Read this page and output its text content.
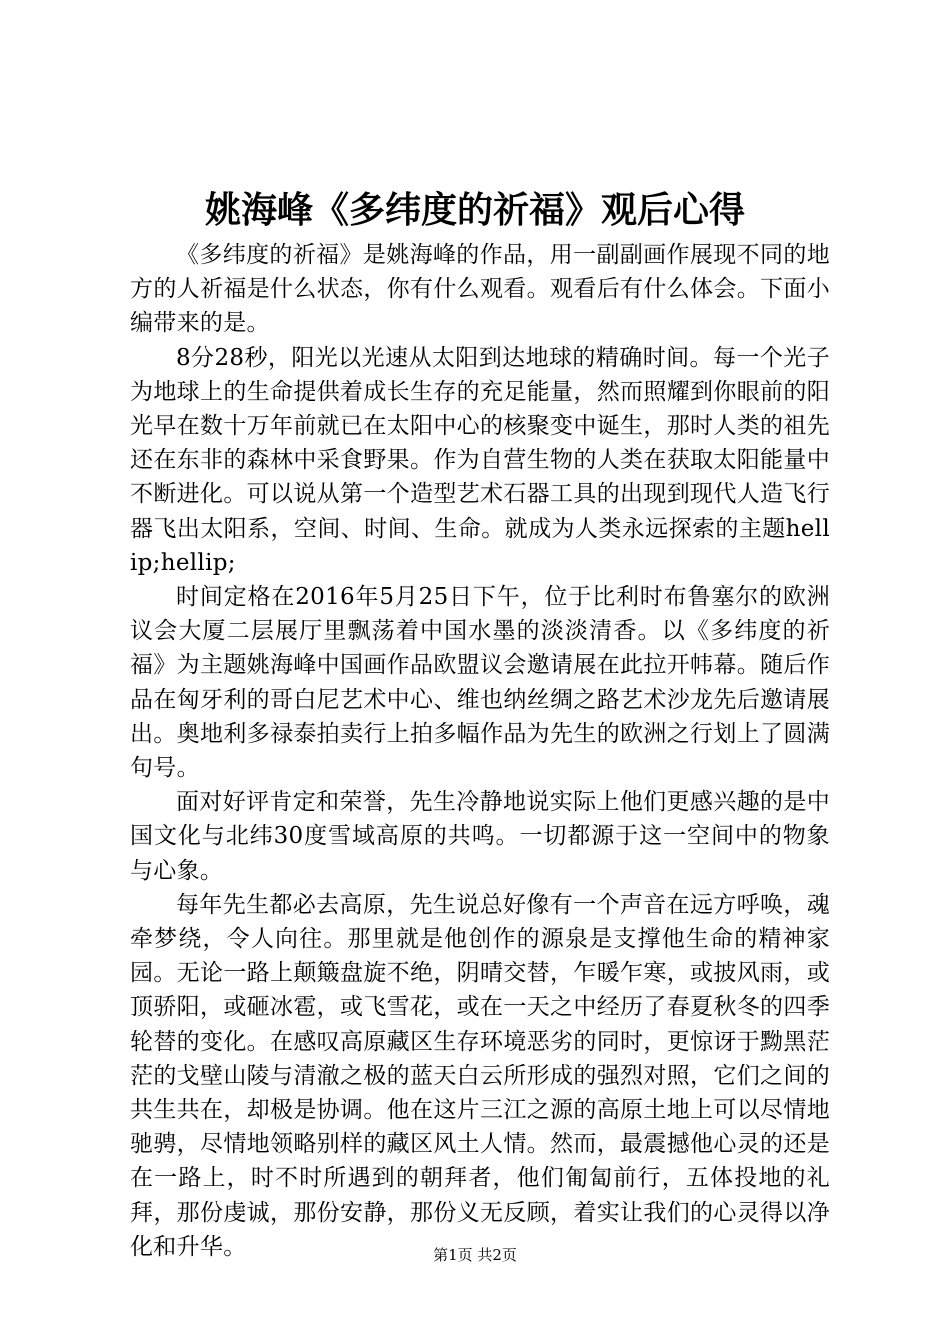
姚海峰《多纬度的祈福》观后心得

《多纬度的祈福》是姚海峰的作品，用一副副画作展现不同的地方的人祈福是什么状态，你有什么观看。观看后有什么体会。下面小编带来的是。

8分28秒，阳光以光速从太阳到达地球的精确时间。每一个光子为地球上的生命提供着成长生存的充足能量，然而照耀到你眼前的阳光早在数十万年前就已在太阳中心的核聚变中诞生，那时人类的祖先还在东非的森林中采食野果。作为自营生物的人类在获取太阳能量中不断进化。可以说从第一个造型艺术石器工具的出现到现代人造飞行器飞出太阳系，空间、时间、生命。就成为人类永远探索的主题hellip;hellip;

时间定格在2016年5月25日下午，位于比利时布鲁塞尔的欧洲议会大厦二层展厅里飘荡着中国水墨的淡淡清香。以《多纬度的祈福》为主题姚海峰中国画作品欧盟议会邀请展在此拉开帏幕。随后作品在匈牙利的哥白尼艺术中心、维也纳丝绸之路艺术沙龙先后邀请展出。奥地利多禄泰拍卖行上拍多幅作品为先生的欧洲之行划上了圆满句号。

面对好评肯定和荣誉，先生冷静地说实际上他们更感兴趣的是中国文化与北纬30度雪域高原的共鸣。一切都源于这一空间中的物象与心象。

每年先生都必去高原，先生说总好像有一个声音在远方呼唤，魂牵梦绕，令人向往。那里就是他创作的源泉是支撑他生命的精神家园。无论一路上颠簸盘旋不绝，阴晴交替，乍暖乍寒，或披风雨，或顶骄阳，或砸冰雹，或飞雪花，或在一天之中经历了春夏秋冬的四季轮替的变化。在感叹高原藏区生存环境恶劣的同时，更惊讶于黝黑茫茫的戈壁山陵与清澈之极的蓝天白云所形成的强烈对照，它们之间的共生共在，却极是协调。他在这片三江之源的高原土地上可以尽情地驰骋，尽情地领略别样的藏区风土人情。然而，最震撼他心灵的还是在一路上，时不时所遇到的朝拜者，他们匍匐前行，五体投地的礼拜，那份虔诚，那份安静，那份义无反顾，着实让我们的心灵得以净化和升华。	第1页 共2页
